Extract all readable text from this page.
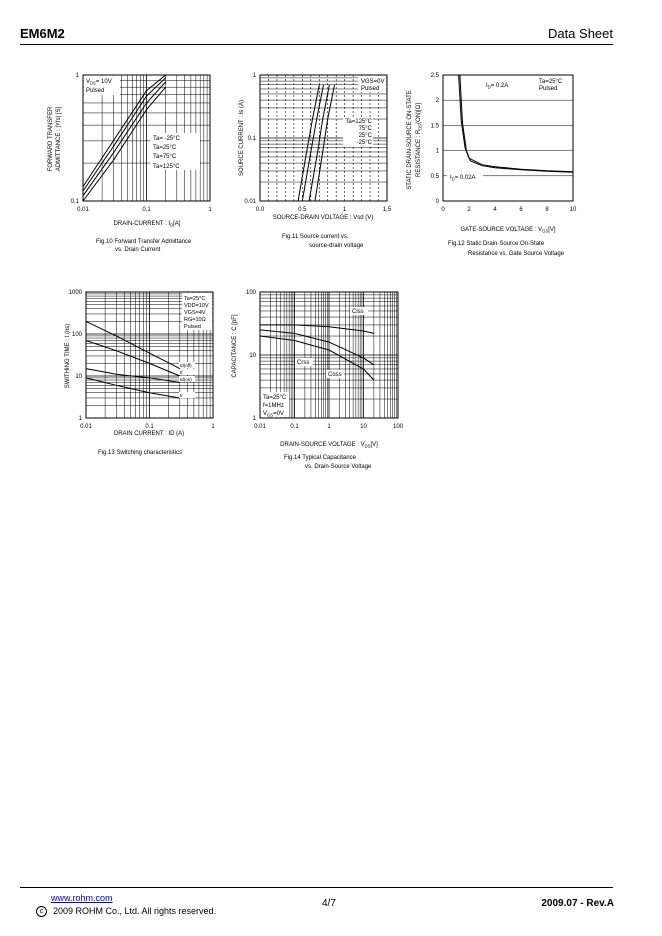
EM6M2	Data Sheet
0.01	0.1	1
0.1
1
0.0	0.5	1	1.5
0.01
0.1
1
0	2	4	6	8	10
0
0.5
1
1.5
2
2.5
0.01	0.1	1
1
10
100
1000
0.01	0.1	1	10	100
1
10
100
$V_{DS}= 10V$
Pulsed
Ta= -25°C
Ta=25°C
Ta=75°C
Ta=125°C
DRAIN-CURRENT : $I_D[A]$
FORWARD TRANSFER ADMITTANCE : |Yfs| [S]
Fig.10 Forward Transfer Admittance
vs. Drain Current
VGS=0V
Pulsed
Ta=125°C
75°C
25°C
-25°C
SOURCE-DRAIN VOLTAGE : Vsd (V)
SOURCE CURRENT : Is (A)
Fig.11 Source current vs.
source-drain voltage
Ta=25°C
Pulsed
$I_D= 0.2A$
$I_D= 0.02A$
GATE-SOURCE VOLTAGE : $V_{GS}[V]$
STATIC DRAIN-SOURCE ON-STATE RESISTANCE : $R_{DS}(ON)[\Omega]$
Fig.12 Static Drain-Source On-State
Resistance vs. Gate Source Voltage
Ta=25°C
VDD=10V
VGS=4V
RG=10Ω
Pulsed
td(off)
tf
td(on)
tr
DRAIN CURRENT : ID (A)
SWITHING TIME : t (ns)
Fig.13 Switching characteristics
Ta=25°C
f=1MHz
$V_{GS}=0V$
Ciss
Crss
Coss
DRAIN-SOURCE VOLTAGE : $V_{DS}[V]$
CAPACITANCE : C [pF]
Fig.14 Typical Capacitance
vs. Drain-Source Voltage
www.rohm.com
c 2009 ROHM Co., Ltd. All rights reserved.
4/7	2009.07 - Rev.A
